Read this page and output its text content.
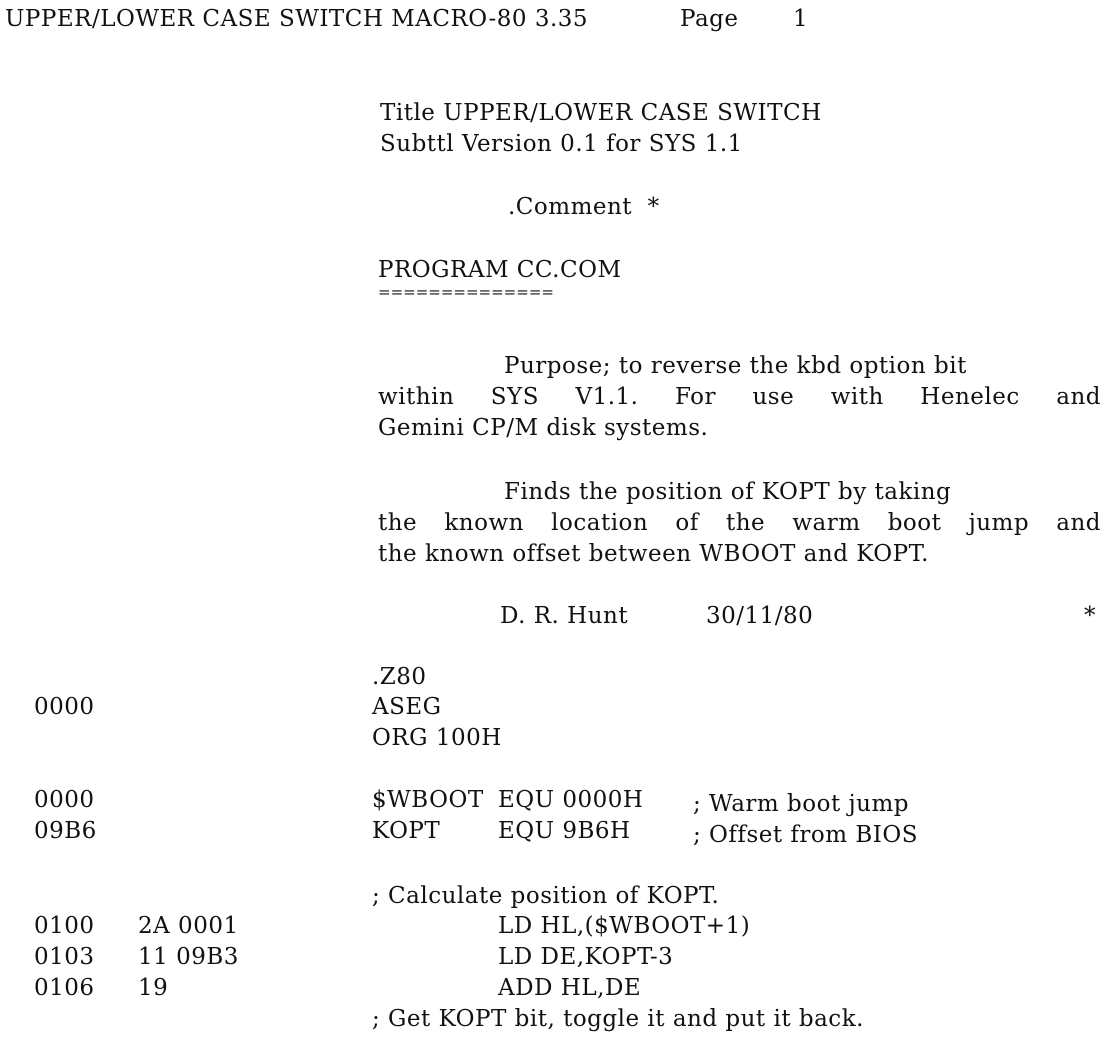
UPPER/LOWER CASE SWITCH MACRO-80 3.35	Page 1
Title UPPER/LOWER CASE SWITCH
Subttl Version 0.1 for SYS 1.1
.Comment  *
PROGRAM CC.COM
==============
Purpose; to reverse the kbd option bit
within SYS V1.1. For use with Henelec and
Gemini CP/M disk systems.
Finds the position of KOPT by taking
the known location of the warm boot jump and
the known offset between WBOOT and KOPT.
D. R. Hunt	30/11/80	*
.Z80
0000	ASEG
ORG 100H
0000	$WBOOT EQU 0000H ; Warm boot jump
09B6	KOPT	EQU 9B6H	; Offset from BIOS
; Calculate position of KOPT.
0100 2A 0001	LD HL,($WBOOT+1)
0103 11 09B3	LD DE,KOPT-3
0106 19	ADD HL,DE
; Get KOPT bit, toggle it and put it back.
